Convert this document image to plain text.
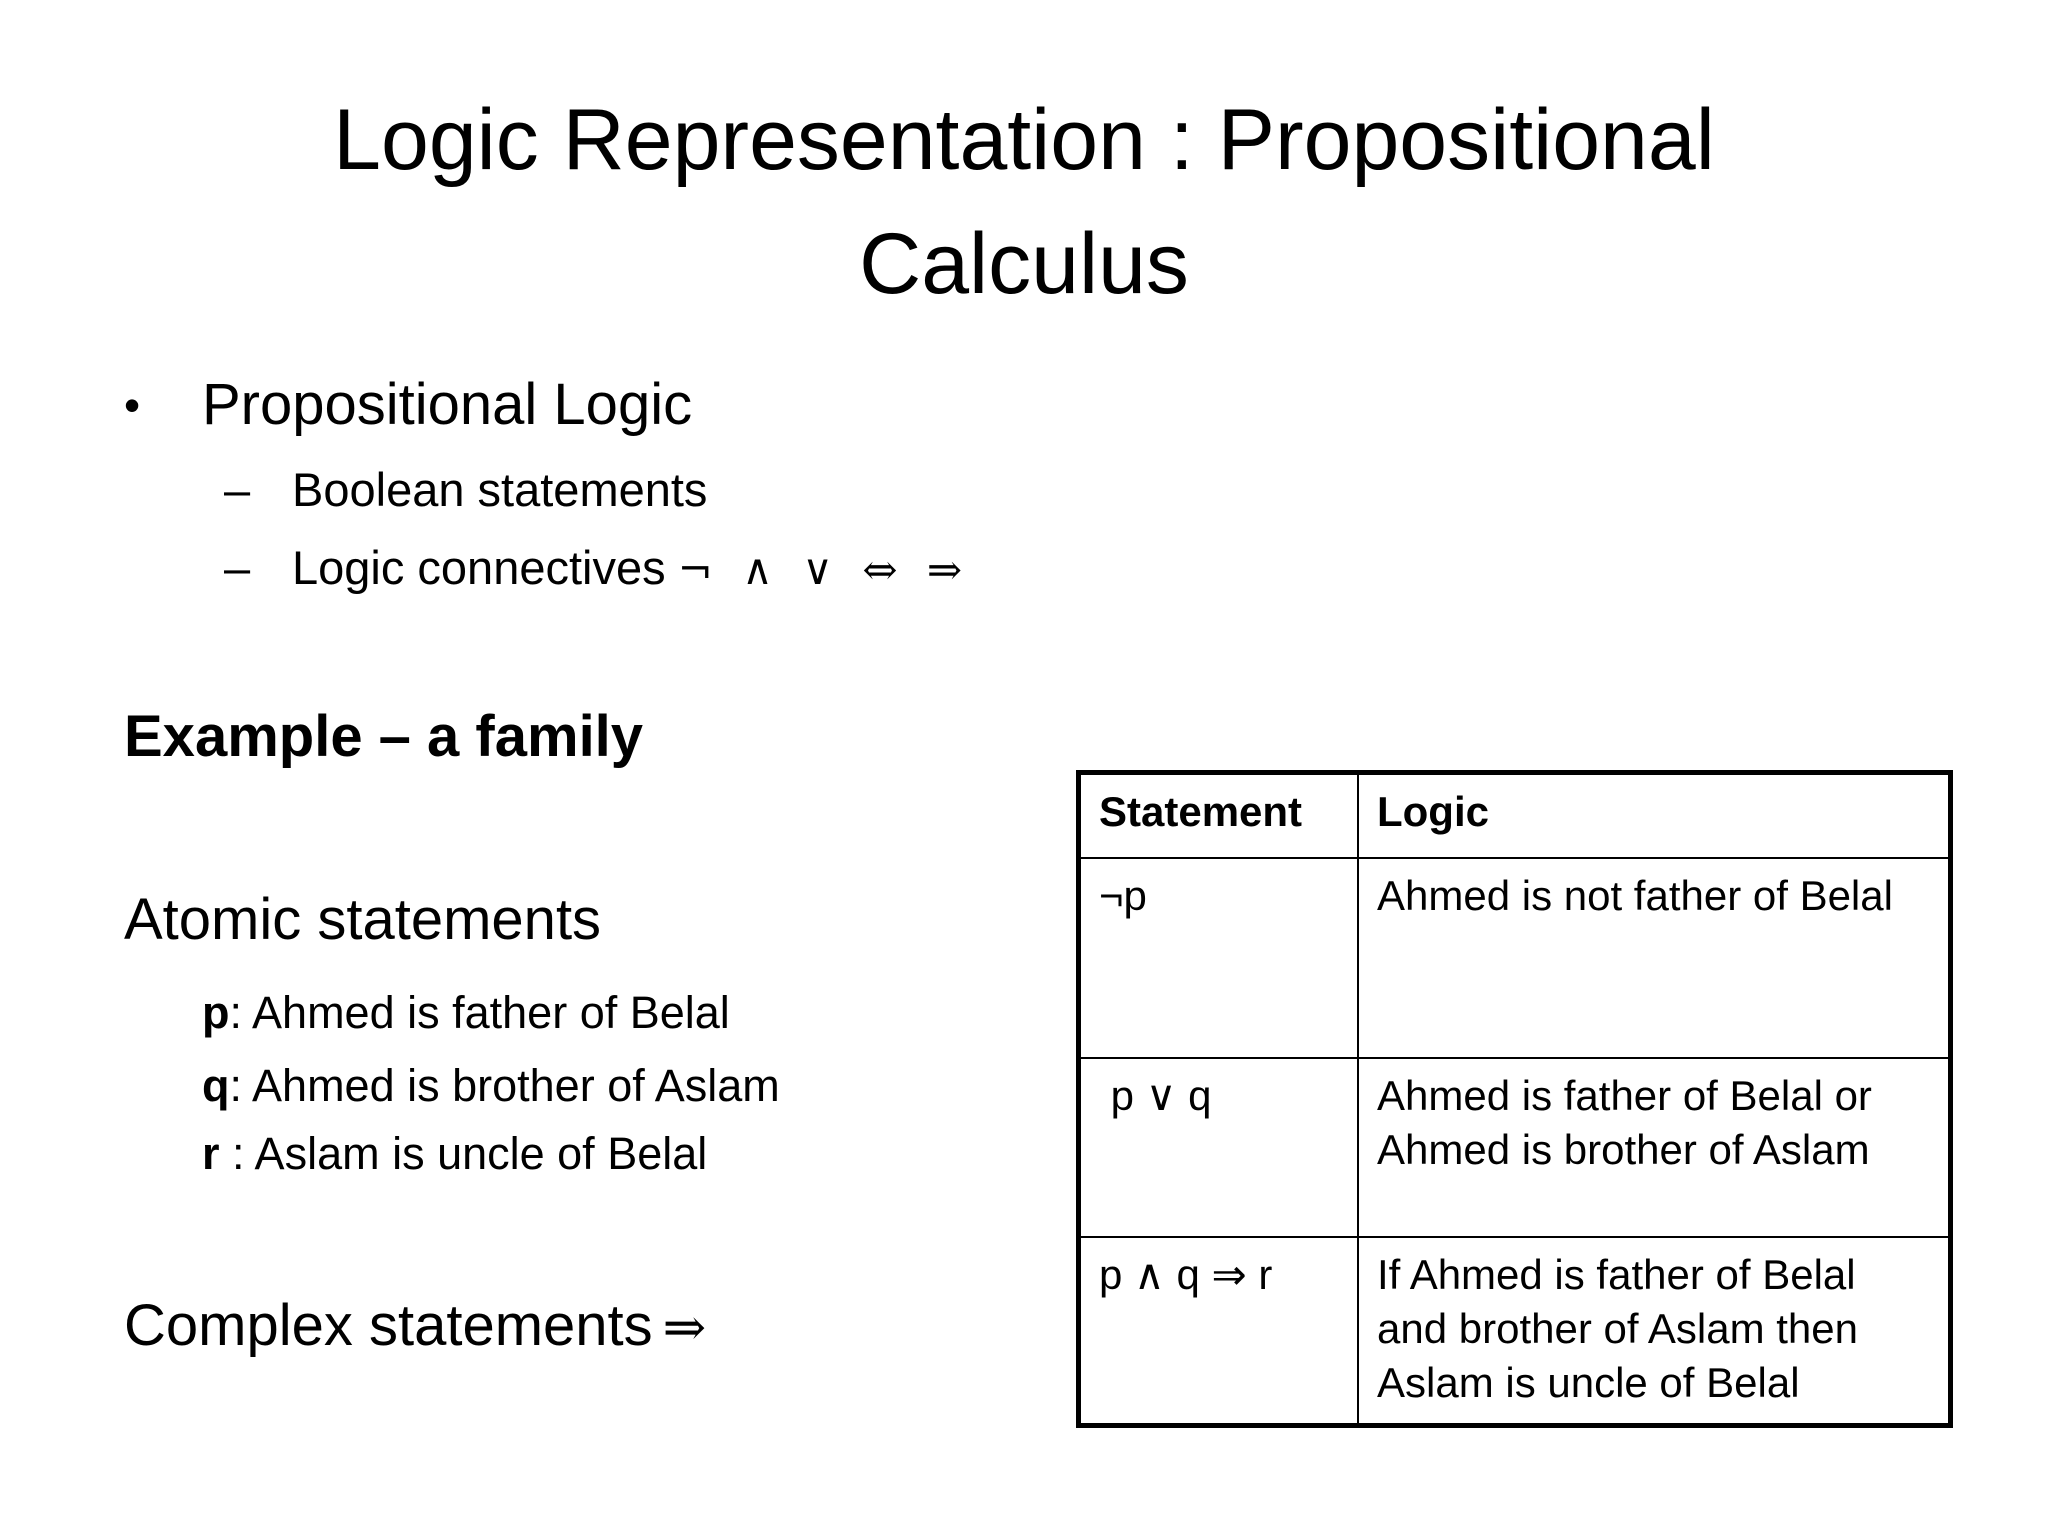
Logic Representation : Propositional
Calculus
• Propositional Logic
– Boolean statements
– Logic connectives ¬ ∧ ∨ ⇔ ⇒
Example – a family
Atomic statements
p: Ahmed is father of Belal
q: Ahmed is brother of Aslam
r : Aslam is uncle of Belal
Complex statements ⇒
Statement	Logic
¬p	Ahmed is not father of Belal
p ∨ q	Ahmed is father of Belal or Ahmed is brother of Aslam
p ∧ q ⇒ r	If Ahmed is father of Belal and brother of Aslam then Aslam is uncle of Belal
